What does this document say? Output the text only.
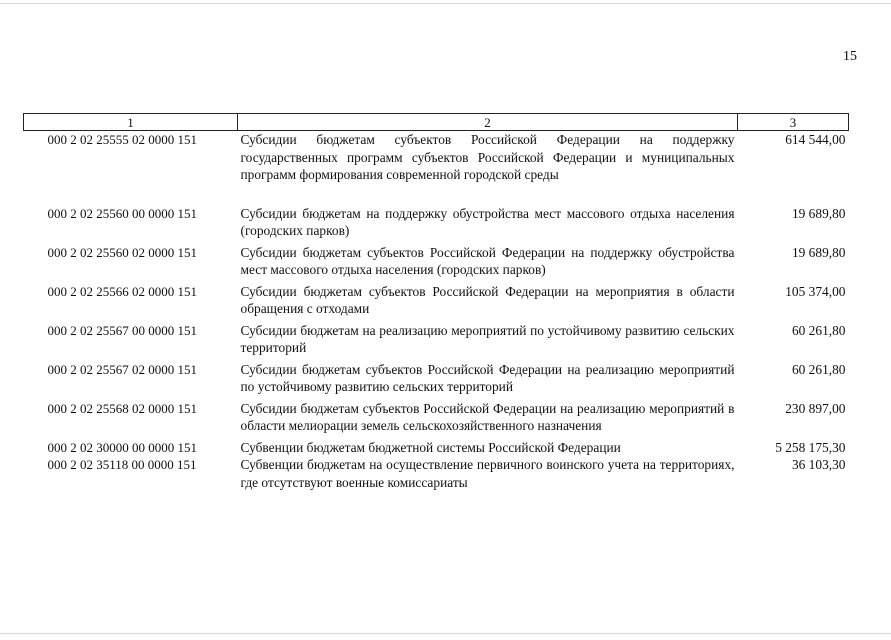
15
1	2	3
000 2 02 25555 02 0000 151	Субсидии бюджетам субъектов Российской Федерации на поддержку государственных программ субъектов Российской Федерации и муниципальных программ формирования современной городской среды	614 544,00
000 2 02 25560 00 0000 151	Субсидии бюджетам на поддержку обустройства мест массового отдыха населения (городских парков)	19 689,80
000 2 02 25560 02 0000 151	Субсидии бюджетам субъектов Российской Федерации на поддержку обустройства мест массового отдыха населения (городских парков)	19 689,80
000 2 02 25566 02 0000 151	Субсидии бюджетам субъектов Российской Федерации на мероприятия в области обращения с отходами	105 374,00
000 2 02 25567 00 0000 151	Субсидии бюджетам на реализацию мероприятий по устойчивому развитию сельских территорий	60 261,80
000 2 02 25567 02 0000 151	Субсидии бюджетам субъектов Российской Федерации на реализацию мероприятий по устойчивому развитию сельских территорий	60 261,80
000 2 02 25568 02 0000 151	Субсидии бюджетам субъектов Российской Федерации на реализацию мероприятий в области мелиорации земель сельскохозяйственного назначения	230 897,00
000 2 02 30000 00 0000 151	Субвенции бюджетам бюджетной системы Российской Федерации	5 258 175,30
000 2 02 35118 00 0000 151	Субвенции бюджетам на осуществление первичного воинского учета на территориях, где отсутствуют военные комиссариаты	36 103,30
